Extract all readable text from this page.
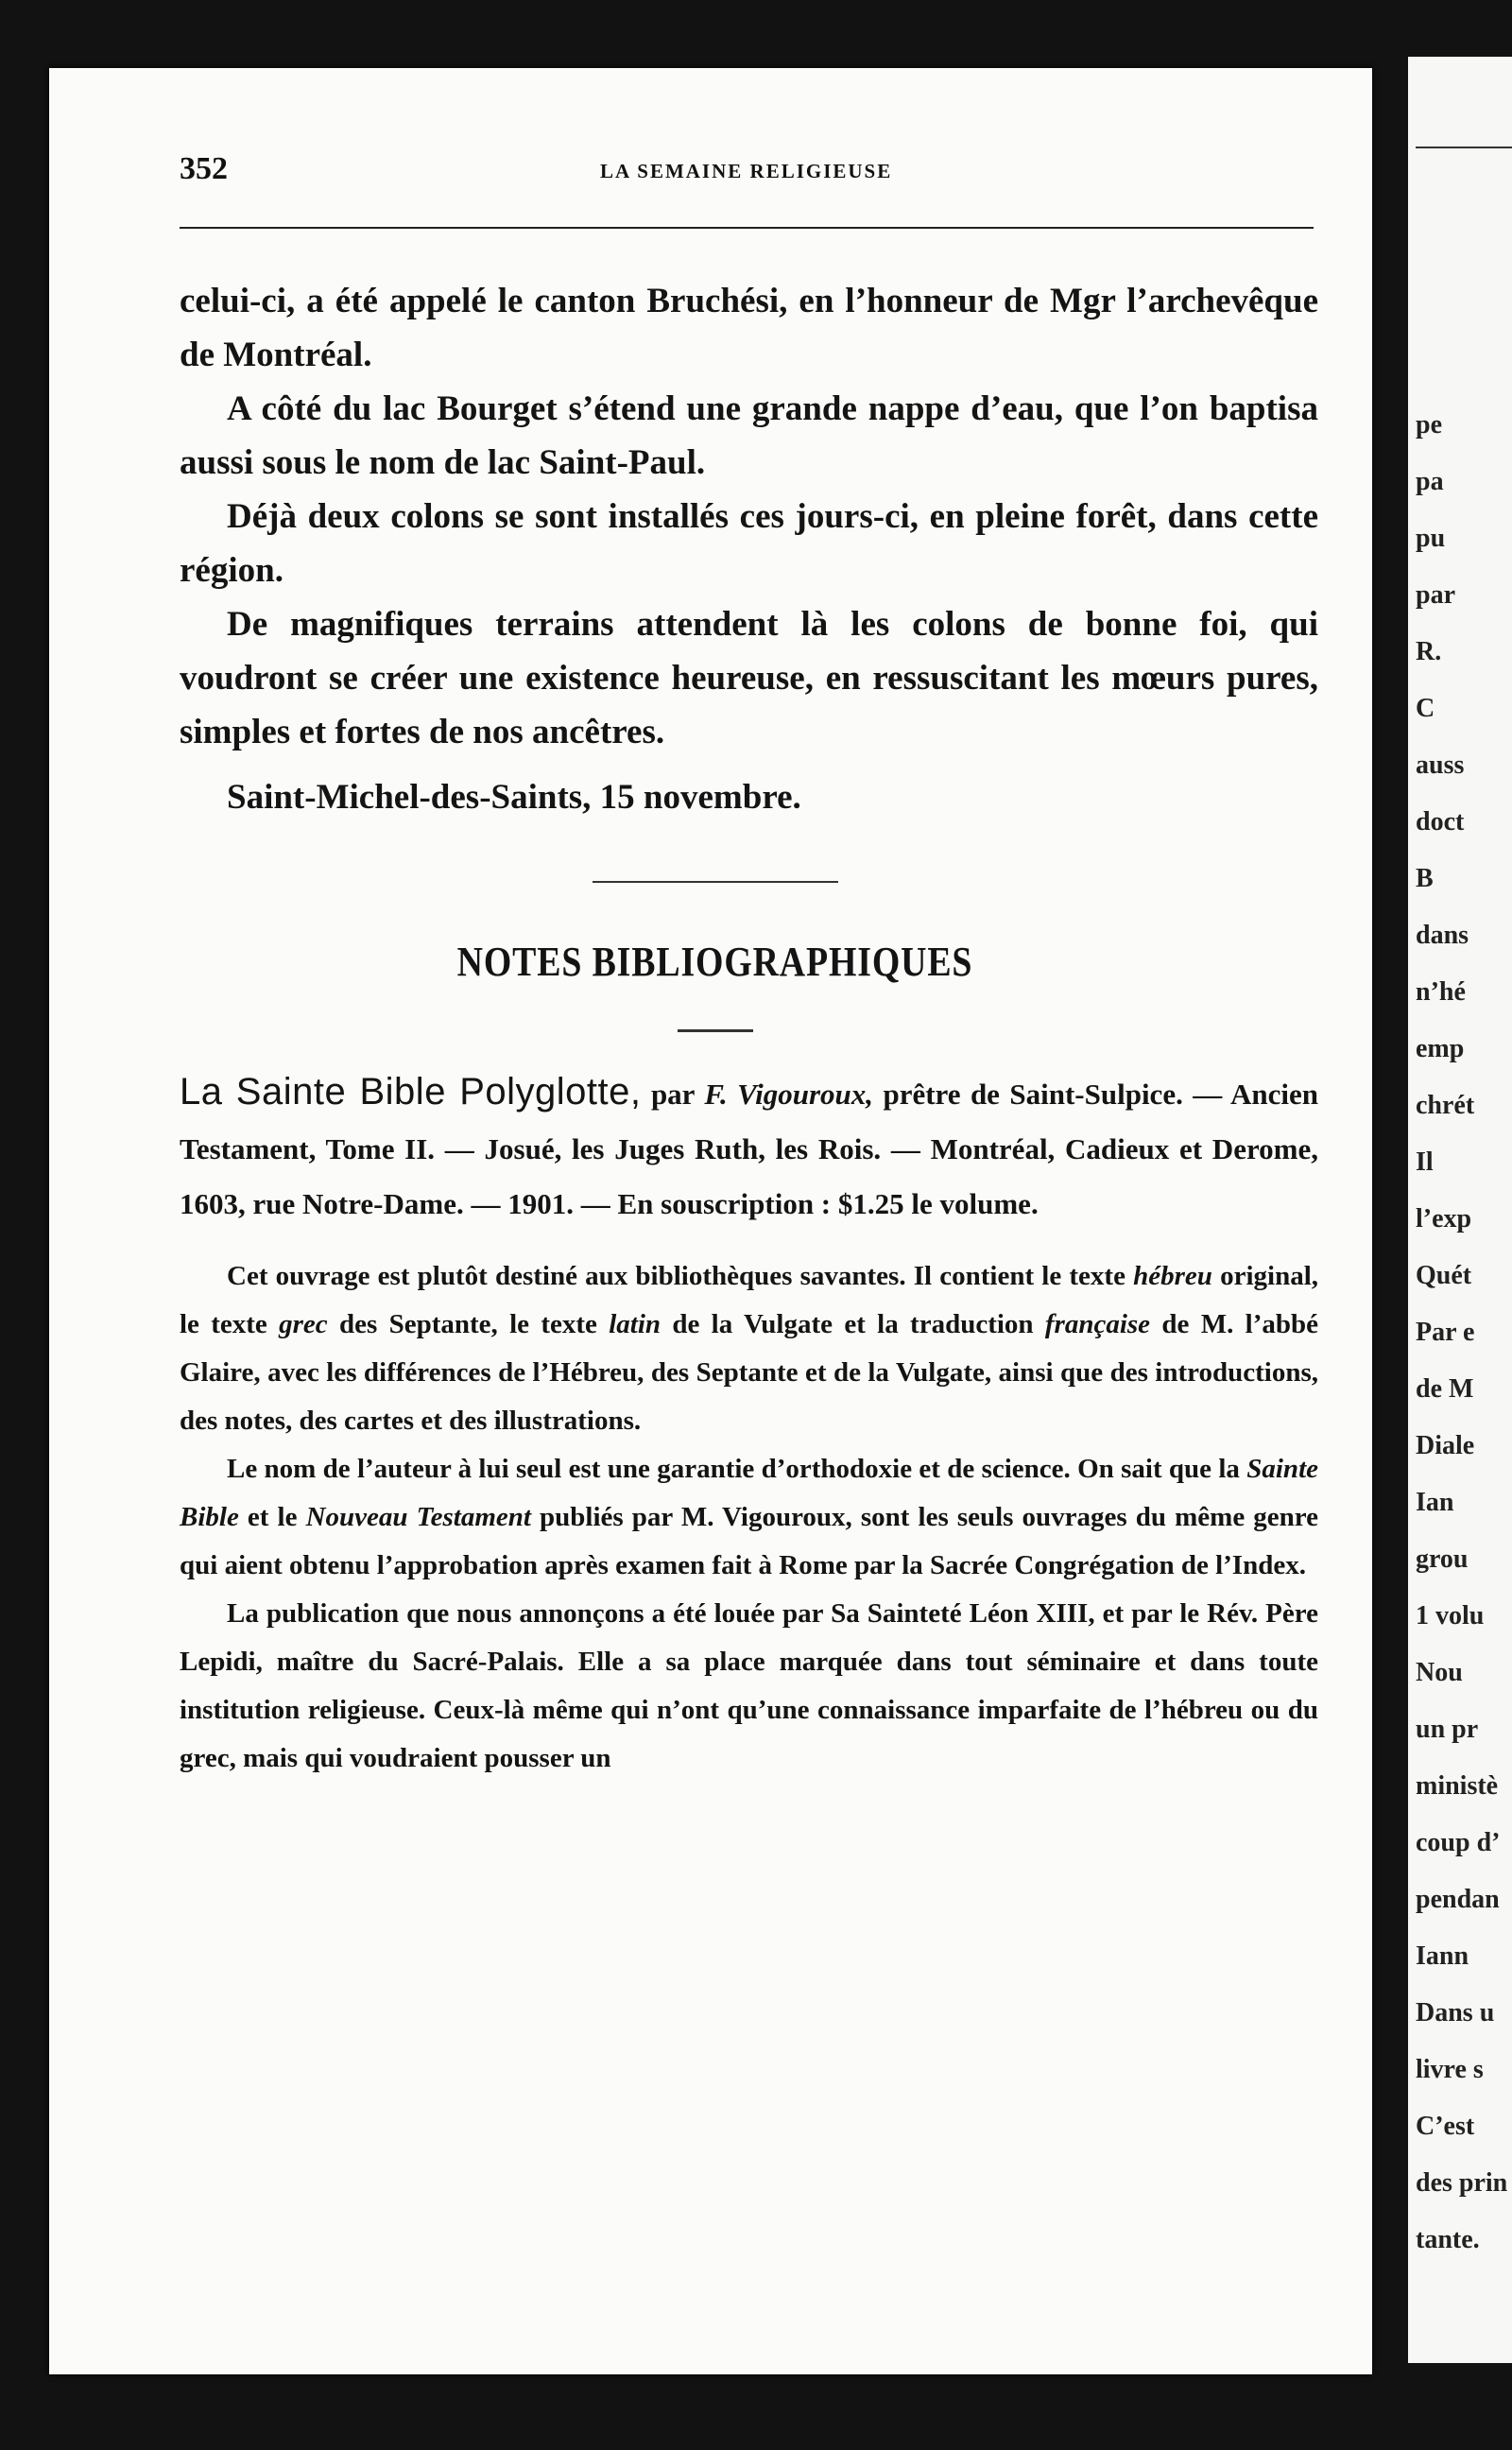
pe
pa
pu
par
R.
C
auss
doct
B
dans
n’hé
emp
chrét
Il
l’exp
Quét
Par e
de M
Diale
Ian
grou
1 volu
Nou
un pr
ministè
coup d’
pendan
Iann
Dans u
livre s
C’est
des prin
tante.
352	LA SEMAINE RELIGIEUSE

celui-ci, a été appelé le canton Bruchési, en l’honneur de Mgr l’archevêque de Montréal.

A côté du lac Bourget s’étend une grande nappe d’eau, que l’on baptisa aussi sous le nom de lac Saint-Paul.

Déjà deux colons se sont installés ces jours-ci, en pleine forêt, dans cette région.

De magnifiques terrains attendent là les colons de bonne foi, qui voudront se créer une existence heureuse, en ressuscitant les mœurs pures, simples et fortes de nos ancêtres.

Saint-Michel-des-Saints, 15 novembre.

NOTES BIBLIOGRAPHIQUES
La Sainte Bible Polyglotte, par F. Vigouroux, prêtre de Saint-Sulpice. — Ancien Testament, Tome II. — Josué, les Juges Ruth, les Rois. — Montréal, Cadieux et Derome, 1603, rue Notre-Dame. — 1901. — En souscription : $1.25 le volume.

Cet ouvrage est plutôt destiné aux bibliothèques savantes. Il contient le texte hébreu original, le texte grec des Septante, le texte latin de la Vulgate et la traduction française de M. l’abbé Glaire, avec les différences de l’Hébreu, des Septante et de la Vulgate, ainsi que des introductions, des notes, des cartes et des illustrations.

Le nom de l’auteur à lui seul est une garantie d’orthodoxie et de science. On sait que la Sainte Bible et le Nouveau Testament publiés par M. Vigouroux, sont les seuls ouvrages du même genre qui aient obtenu l’approbation après examen fait à Rome par la Sacrée Congrégation de l’Index.

La publication que nous annonçons a été louée par Sa Sainteté Léon XIII, et par le Rév. Père Lepidi, maître du Sacré-Palais. Elle a sa place marquée dans tout séminaire et dans toute institution religieuse. Ceux-là même qui n’ont qu’une connaissance imparfaite de l’hébreu ou du grec, mais qui voudraient pousser un
